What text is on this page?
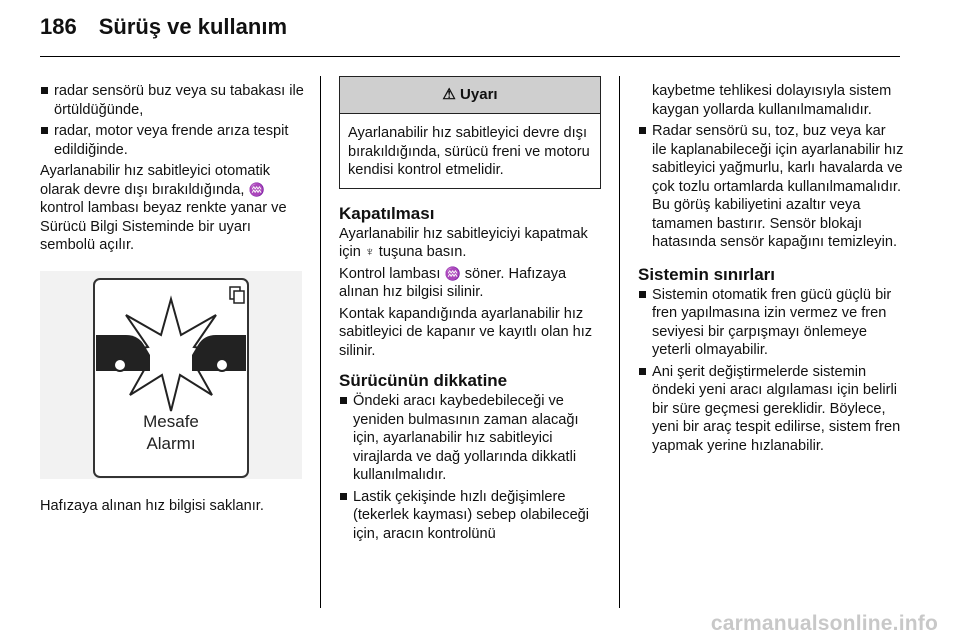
186 Sürüş ve kullanım
radar sensörü buz veya su tabakası ile örtüldüğünde,
radar, motor veya frende arıza tespit edildiğinde.

Ayarlanabilir hız sabitleyici otomatik olarak devre dışı bırakıldığında, ♒ kontrol lambası beyaz renkte yanar ve Sürücü Bilgi Sisteminde bir uyarı sembolü açılır.

Mesafe
Alarmı

Hafızaya alınan hız bilgisi saklanır.

⚠ Uyarı
Ayarlanabilir hız sabitleyici devre dışı bırakıldığında, sürücü freni ve motoru kendisi kontrol etmelidir.
Kapatılması

Ayarlanabilir hız sabitleyiciyi kapatmak için ♆ tuşuna basın.

Kontrol lambası ♒ söner. Hafızaya alınan hız bilgisi silinir.

Kontak kapandığında ayarlanabilir hız sabitleyici de kapanır ve kayıtlı olan hız silinir.

Sürücünün dikkatine
Öndeki aracı kaybedebileceği ve yeniden bulmasının zaman alacağı için, ayarlanabilir hız sabitleyici virajlarda ve dağ yollarında dikkatli kullanılmalıdır.
Lastik çekişinde hızlı değişimlere (tekerlek kayması) sebep olabileceği için, aracın kontrolünü

kaybetme tehlikesi dolayısıyla sistem kaygan yollarda kullanılmamalıdır.

Radar sensörü su, toz, buz veya kar ile kaplanabileceği için ayarlanabilir hız sabitleyici yağmurlu, karlı havalarda ve çok tozlu ortamlarda kullanılmamalıdır. Bu görüş kabiliyetini azaltır veya tamamen bastırır. Sensör blokajı hatasında sensör kapağını temizleyin.
Sistemin sınırları
Sistemin otomatik fren gücü güçlü bir fren yapılmasına izin vermez ve fren seviyesi bir çarpışmayı önlemeye yeterli olmayabilir.
Ani şerit değiştirmelerde sistemin öndeki yeni aracı algılaması için belirli bir süre geçmesi gereklidir. Böylece, yeni bir araç tespit edilirse, sistem fren yapmak yerine hızlanabilir.
carmanualsonline.info
